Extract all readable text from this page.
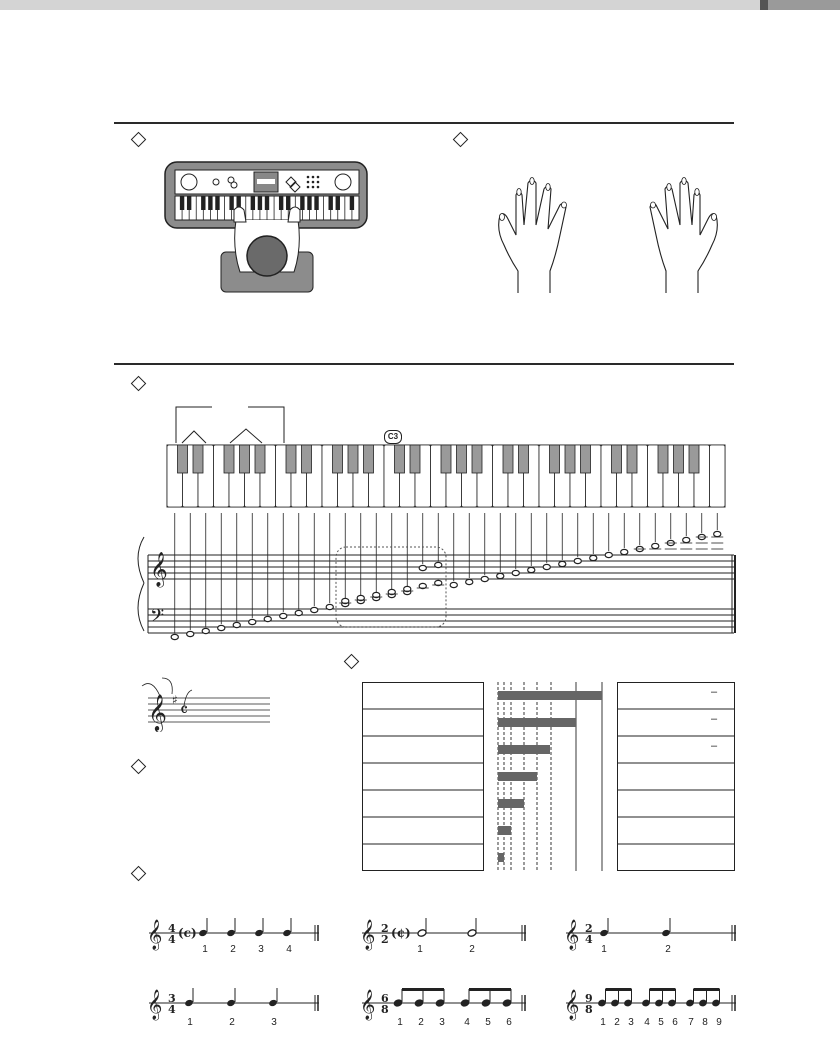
𝄞
𝄢
C3
𝄞 ♯ 𝄴
–
–
–
𝄞 4
4 (c)
1	2	3	4	𝄞 2
2 (¢)
1	2	𝄞 2
4
1	2
𝄞 3
4
1	2	3
𝄞 6
8
1	2	3	4	5	6
𝄞 9
8
1 2 3	4 5 6	7 8 9
